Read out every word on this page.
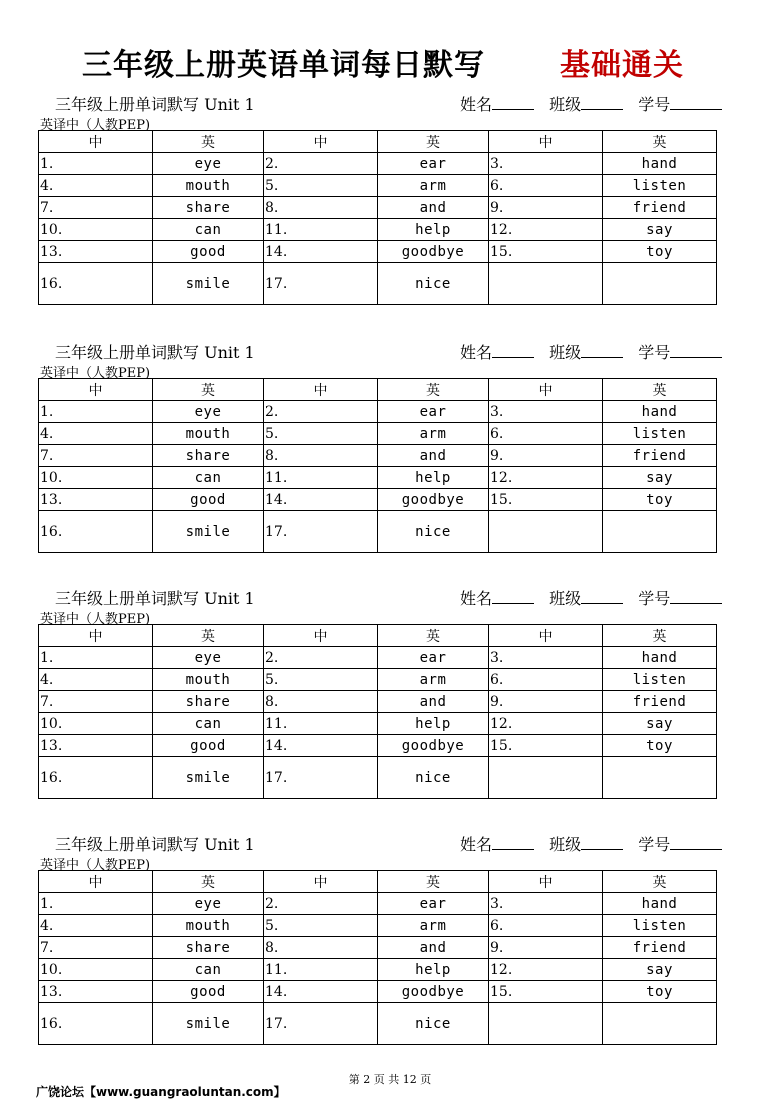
三年级上册英语单词每日默写	基础通关
三年级上册单词默写 Unit 1	姓名	班级	学号
英译中（人教PEP)
中	英	中	英	中	英
1.	eye	2.	ear	3.	hand
4.	mouth	5.	arm	6.	listen
7.	share	8.	and	9.	friend
10.	can	11.	help	12.	say
13.	good	14.	goodbye	15.	toy
16.	smile	17.	nice		
三年级上册单词默写 Unit 1	姓名	班级	学号
英译中（人教PEP)
中	英	中	英	中	英
1.	eye	2.	ear	3.	hand
4.	mouth	5.	arm	6.	listen
7.	share	8.	and	9.	friend
10.	can	11.	help	12.	say
13.	good	14.	goodbye	15.	toy
16.	smile	17.	nice		
三年级上册单词默写 Unit 1	姓名	班级	学号
英译中（人教PEP)
中	英	中	英	中	英
1.	eye	2.	ear	3.	hand
4.	mouth	5.	arm	6.	listen
7.	share	8.	and	9.	friend
10.	can	11.	help	12.	say
13.	good	14.	goodbye	15.	toy
16.	smile	17.	nice		
三年级上册单词默写 Unit 1	姓名	班级	学号
英译中（人教PEP)
中	英	中	英	中	英
1.	eye	2.	ear	3.	hand
4.	mouth	5.	arm	6.	listen
7.	share	8.	and	9.	friend
10.	can	11.	help	12.	say
13.	good	14.	goodbye	15.	toy
16.	smile	17.	nice		
第 2 页 共 12 页
广饶论坛【www.guangraoluntan.com】
